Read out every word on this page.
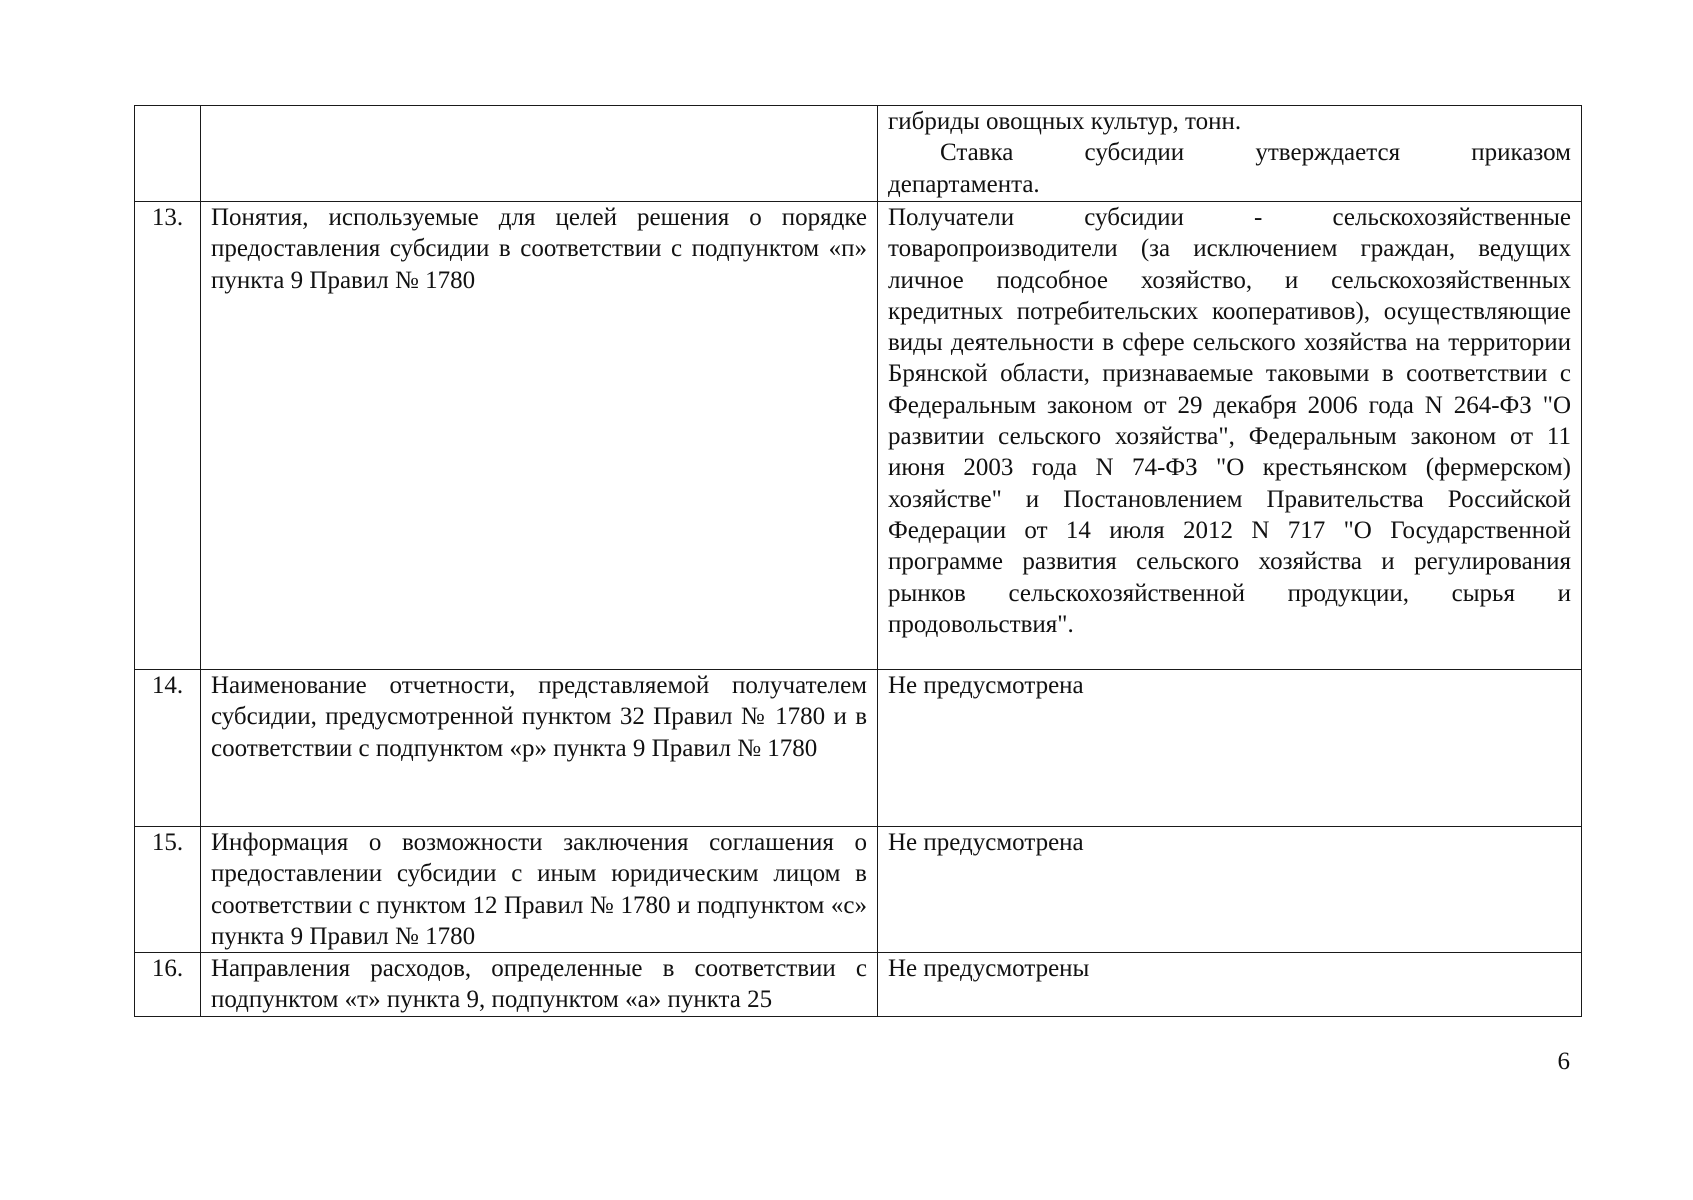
		гибриды овощных культур, тонн.
Ставка субсидии утверждается приказом
департамента.

13.	Понятия, используемые для целей решения о порядке предоставления субсидии в соответствии с подпунктом «п» пункта 9 Правил № 1780	Получатели субсидии - сельскохозяйственные товаропроизводители (за исключением граждан, ведущих личное подсобное хозяйство, и сельскохозяйственных кредитных потребительских кооперативов), осуществляющие виды деятельности в сфере сельского хозяйства на территории Брянской области, признаваемые таковыми в соответствии с Федеральным законом от 29 декабря 2006 года N 264-ФЗ "О развитии сельского хозяйства", Федеральным законом от 11 июня 2003 года N 74-ФЗ "О крестьянском (фермерском) хозяйстве" и Постановлением Правительства Российской Федерации от 14 июля 2012 N 717 "О Государственной программе развития сельского хозяйства и регулирования рынков сельскохозяйственной продукции, сырья и продовольствия".
14.	Наименование отчетности, представляемой получателем субсидии, предусмотренной пунктом 32 Правил № 1780 и в соответствии с подпунктом «р» пункта 9 Правил № 1780	Не предусмотрена
15.	Информация о возможности заключения соглашения о предоставлении субсидии с иным юридическим лицом в соответствии с пунктом 12 Правил № 1780 и подпунктом «с» пункта 9 Правил № 1780	Не предусмотрена
16.	Направления расходов, определенные в соответствии с подпунктом «т» пункта 9, подпунктом «а» пункта 25	Не предусмотрены
6
